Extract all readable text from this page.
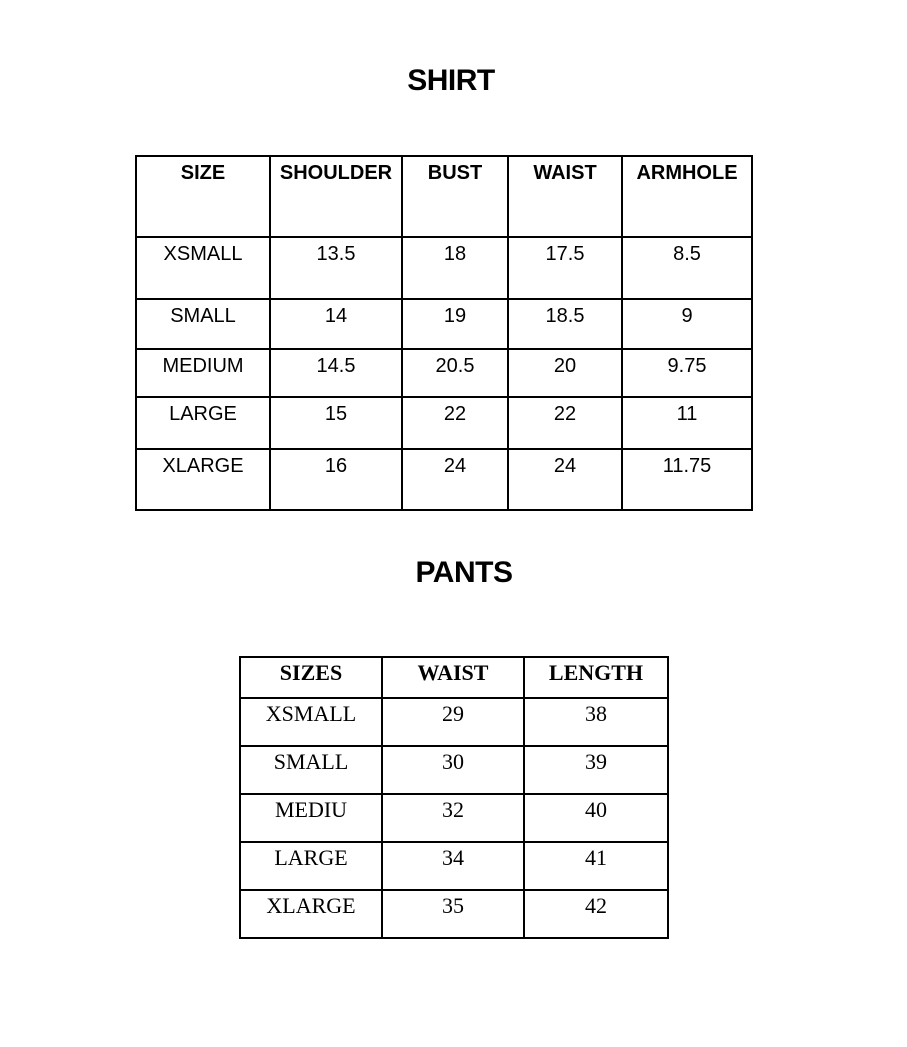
SHIRT
SIZE	SHOULDER	BUST	WAIST	ARMHOLE
XSMALL	13.5	18	17.5	8.5
SMALL	14	19	18.5	9
MEDIUM	14.5	20.5	20	9.75
LARGE	15	22	22	11
XLARGE	16	24	24	11.75
PANTS
SIZES	WAIST	LENGTH
XSMALL	29	38
SMALL	30	39
MEDIU	32	40
LARGE	34	41
XLARGE	35	42
